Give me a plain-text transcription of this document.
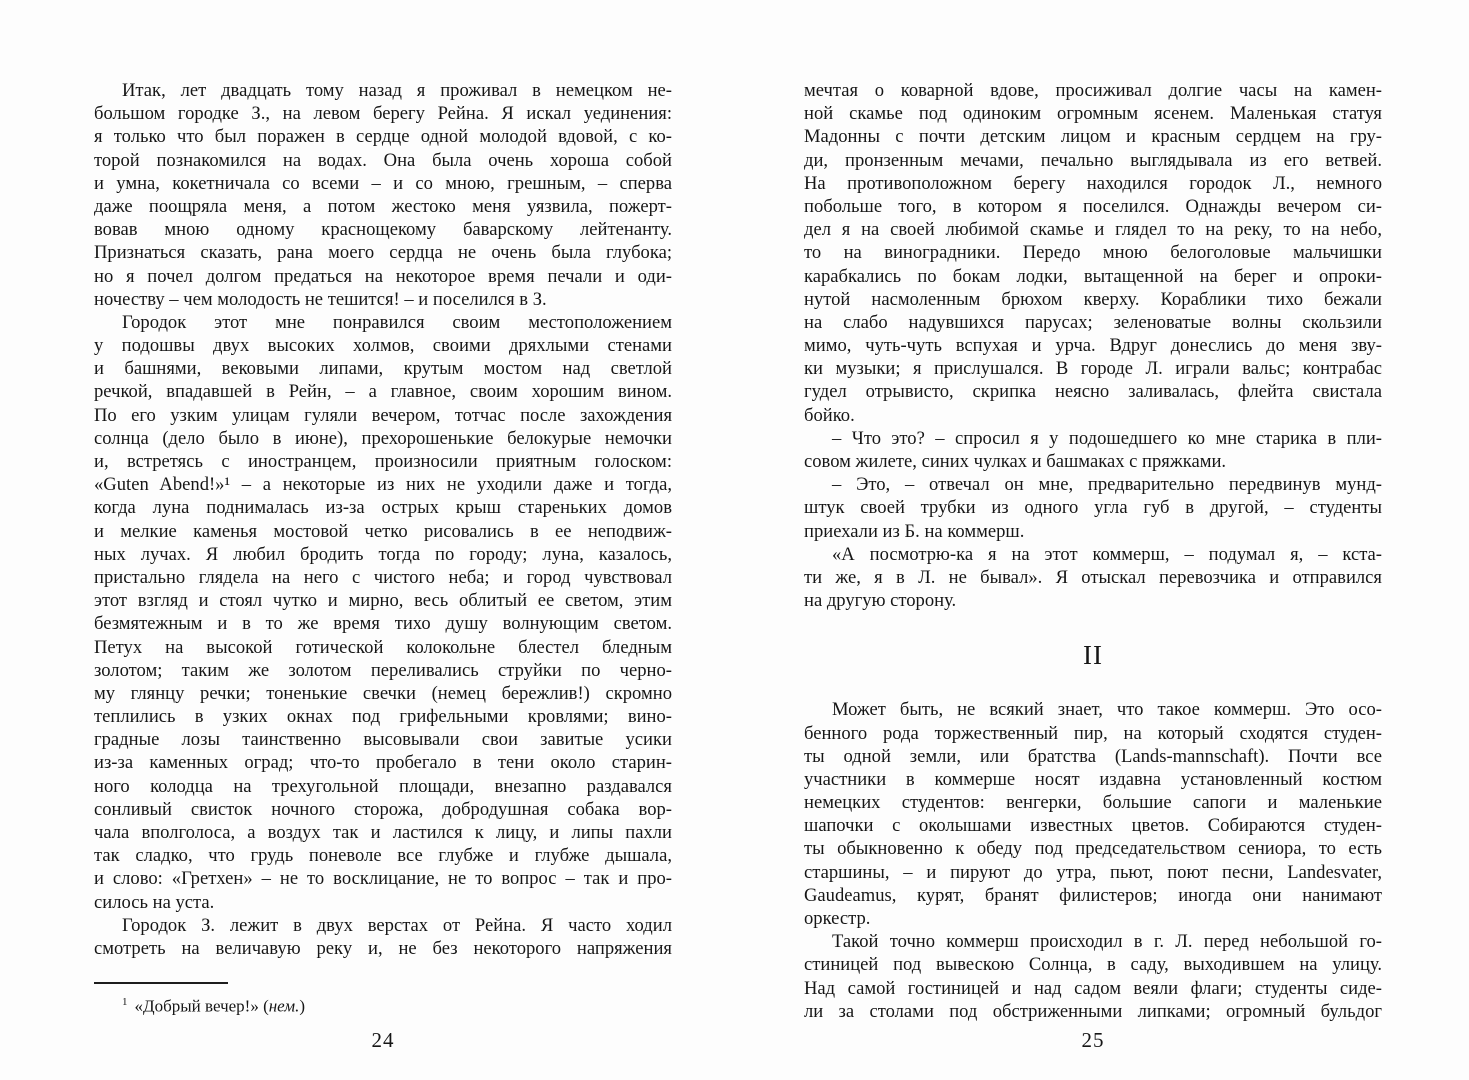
Итак, лет двадцать тому назад я проживал в немецком не-
большом городке З., на левом берегу Рейна. Я искал уединения:
я только что был поражен в сердце одной молодой вдовой, с ко-
торой познакомился на водах. Она была очень хороша собой
и умна, кокетничала со всеми – и со мною, грешным, – сперва
даже поощряла меня, а потом жестоко меня уязвила, пожерт-
вовав мною одному краснощекому баварскому лейтенанту.
Признаться сказать, рана моего сердца не очень была глубока;
но я почел долгом предаться на некоторое время печали и оди-
ночеству – чем молодость не тешится! – и поселился в З.
Городок этот мне понравился своим местоположением
у подошвы двух высоких холмов, своими дряхлыми стенами
и башнями, вековыми липами, крутым мостом над светлой
речкой, впадавшей в Рейн, – а главное, своим хорошим вином.
По его узким улицам гуляли вечером, тотчас после захождения
солнца (дело было в июне), прехорошенькие белокурые немочки
и, встретясь с иностранцем, произносили приятным голоском:
«Guten Abend!»¹ – а некоторые из них не уходили даже и тогда,
когда луна поднималась из-за острых крыш стареньких домов
и мелкие каменья мостовой четко рисовались в ее неподвиж-
ных лучах. Я любил бродить тогда по городу; луна, казалось,
пристально глядела на него с чистого неба; и город чувствовал
этот взгляд и стоял чутко и мирно, весь облитый ее светом, этим
безмятежным и в то же время тихо душу волнующим светом.
Петух на высокой готической колокольне блестел бледным
золотом; таким же золотом переливались струйки по черно-
му глянцу речки; тоненькие свечки (немец бережлив!) скромно
теплились в узких окнах под грифельными кровлями; вино-
градные лозы таинственно высовывали свои завитые усики
из-за каменных оград; что-то пробегало в тени около старин-
ного колодца на трехугольной площади, внезапно раздавался
сонливый свисток ночного сторожа, добродушная собака вор-
чала вполголоса, а воздух так и ластился к лицу, и липы пахли
так сладко, что грудь поневоле все глубже и глубже дышала,
и слово: «Гретхен» – не то восклицание, не то вопрос – так и про-
силось на уста.
Городок З. лежит в двух верстах от Рейна. Я часто ходил
смотреть на величавую реку и, не без некоторого напряжения
$^1$ «Добрый вечер!» (нем.)
24
мечтая о коварной вдове, просиживал долгие часы на камен-
ной скамье под одиноким огромным ясенем. Маленькая статуя
Мадонны с почти детским лицом и красным сердцем на гру-
ди, пронзенным мечами, печально выглядывала из его ветвей.
На противоположном берегу находился городок Л., немного
побольше того, в котором я поселился. Однажды вечером си-
дел я на своей любимой скамье и глядел то на реку, то на небо,
то на виноградники. Передо мною белоголовые мальчишки
карабкались по бокам лодки, вытащенной на берег и опроки-
нутой насмоленным брюхом кверху. Кораблики тихо бежали
на слабо надувшихся парусах; зеленоватые волны скользили
мимо, чуть-чуть вспухая и урча. Вдруг донеслись до меня зву-
ки музыки; я прислушался. В городе Л. играли вальс; контрабас
гудел отрывисто, скрипка неясно заливалась, флейта свистала
бойко.
– Что это? – спросил я у подошедшего ко мне старика в пли-
совом жилете, синих чулках и башмаках с пряжками.
– Это, – отвечал он мне, предварительно передвинув мунд-
штук своей трубки из одного угла губ в другой, – студенты
приехали из Б. на коммерш.
«А посмотрю-ка я на этот коммерш, – подумал я, – кста-
ти же, я в Л. не бывал». Я отыскал перевозчика и отправился
на другую сторону.
II
Может быть, не всякий знает, что такое коммерш. Это осо-
бенного рода торжественный пир, на который сходятся студен-
ты одной земли, или братства (Lands-mannschaft). Почти все
участники в коммерше носят издавна установленный костюм
немецких студентов: венгерки, большие сапоги и маленькие
шапочки с околышами известных цветов. Собираются студен-
ты обыкновенно к обеду под председательством сениора, то есть
старшины, – и пируют до утра, пьют, поют песни, Landesvater,
Gaudeamus, курят, бранят филистеров; иногда они нанимают
оркестр.
Такой точно коммерш происходил в г. Л. перед небольшой го-
стиницей под вывескою Солнца, в саду, выходившем на улицу.
Над самой гостиницей и над садом веяли флаги; студенты сиде-
ли за столами под обстриженными липками; огромный бульдог
25
